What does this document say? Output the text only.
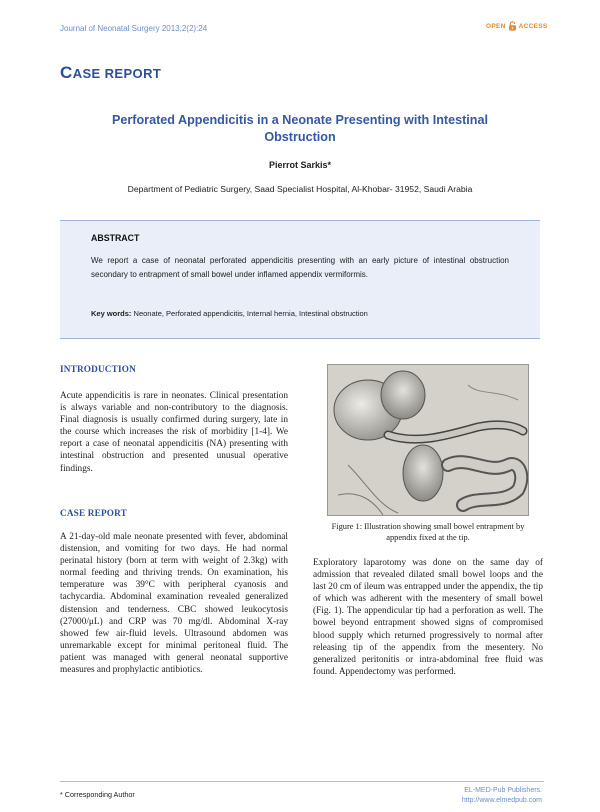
Journal of Neonatal Surgery 2013;2(2):24	OPEN ACCESS
CASE REPORT
Perforated Appendicitis in a Neonate Presenting with Intestinal
Obstruction
Pierrot Sarkis*
Department of Pediatric Surgery, Saad Specialist Hospital, Al-Khobar- 31952, Saudi Arabia
ABSTRACT
We report a case of neonatal perforated appendicitis presenting with an early picture of intestinal obstruction secondary to entrapment of small bowel under inflamed appendix vermiformis.
Key words: Neonate, Perforated appendicitis, Internal hernia, Intestinal obstruction
INTRODUCTION
Acute appendicitis is rare in neonates. Clinical presentation is always variable and non-contributory to the diagnosis. Final diagnosis is usually confirmed during surgery, late in the course which increases the risk of morbidity [1-4]. We report a case of neonatal appendicitis (NA) presenting with intestinal obstruction and presented unusual operative findings.
CASE REPORT
A 21-day-old male neonate presented with fever, abdominal distension, and vomiting for two days. He had normal perinatal history (born at term with weight of 2.3kg) with normal feeding and thriving trends. On examination, his temperature was 39°C with peripheral cyanosis and tachycardia. Abdominal examination revealed generalized distension and tenderness. CBC showed leukocytosis (27000/μL) and CRP was 70 mg/dl. Abdominal X-ray showed few air-fluid levels. Ultrasound abdomen was unremarkable except for minimal peritoneal fluid. The patient was managed with general neonatal supportive measures and prophylactic antibiotics.
Figure 1: Illustration showing small bowel entrapment by appendix fixed at the tip.
Exploratory laparotomy was done on the same day of admission that revealed dilated small bowel loops and the last 20 cm of ileum was entrapped under the appendix, the tip of which was adherent with the mesentery of small bowel (Fig. 1). The appendicular tip had a perforation as well. The bowel beyond entrapment showed signs of compromised blood supply which returned progressively to normal after releasing tip of the appendix from the mesentery. No generalized peritonitis or intra-abdominal free fluid was found. Appendectomy was performed.
* Corresponding Author	EL-MED-Pub Publishers.
http://www.elmedpub.com
